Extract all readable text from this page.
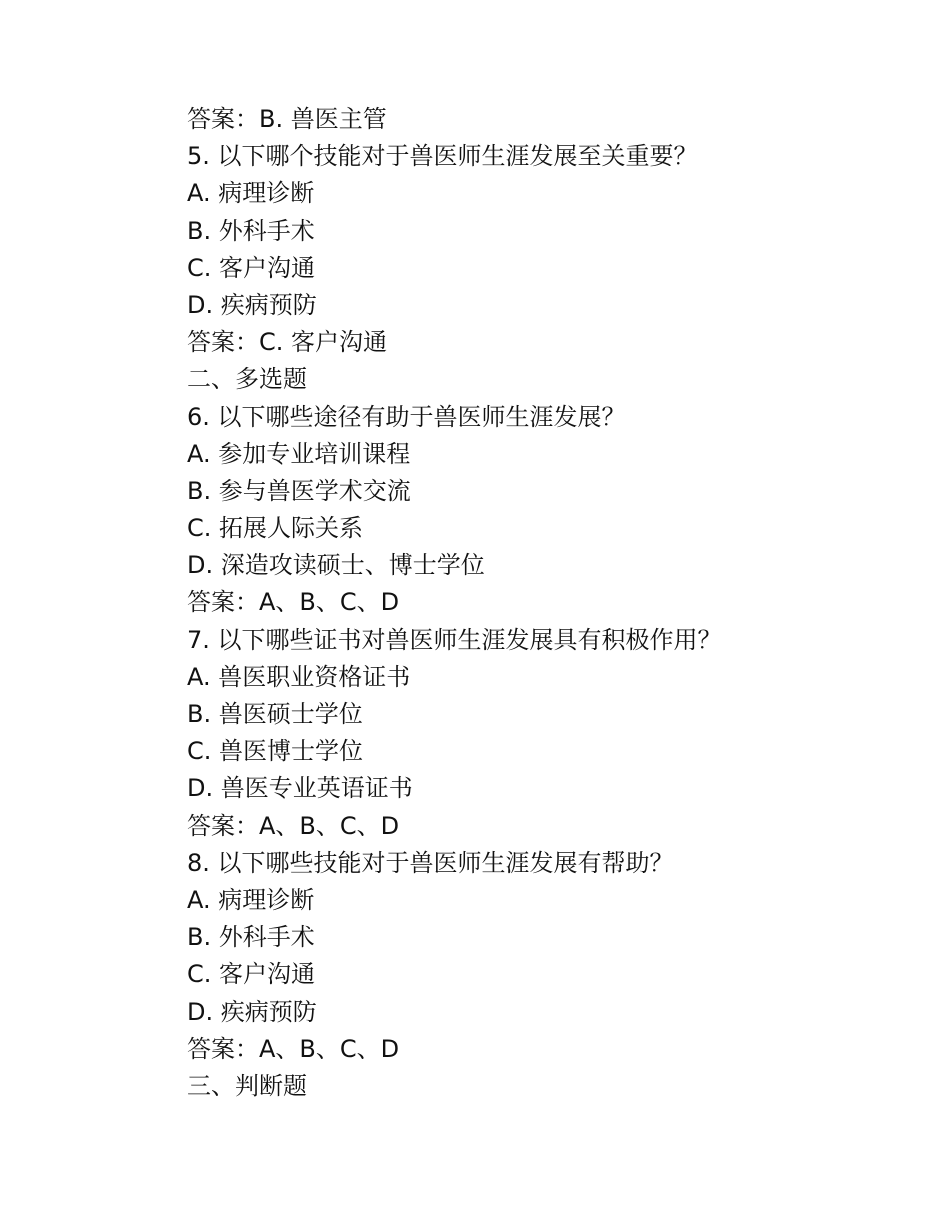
答案：B. 兽医主管
5. 以下哪个技能对于兽医师生涯发展至关重要？
A. 病理诊断
B. 外科手术
C. 客户沟通
D. 疾病预防
答案：C. 客户沟通
二、多选题
6. 以下哪些途径有助于兽医师生涯发展？
A. 参加专业培训课程
B. 参与兽医学术交流
C. 拓展人际关系
D. 深造攻读硕士、博士学位
答案：A、B、C、D
7. 以下哪些证书对兽医师生涯发展具有积极作用？
A. 兽医职业资格证书
B. 兽医硕士学位
C. 兽医博士学位
D. 兽医专业英语证书
答案：A、B、C、D
8. 以下哪些技能对于兽医师生涯发展有帮助？
A. 病理诊断
B. 外科手术
C. 客户沟通
D. 疾病预防
答案：A、B、C、D
三、判断题
